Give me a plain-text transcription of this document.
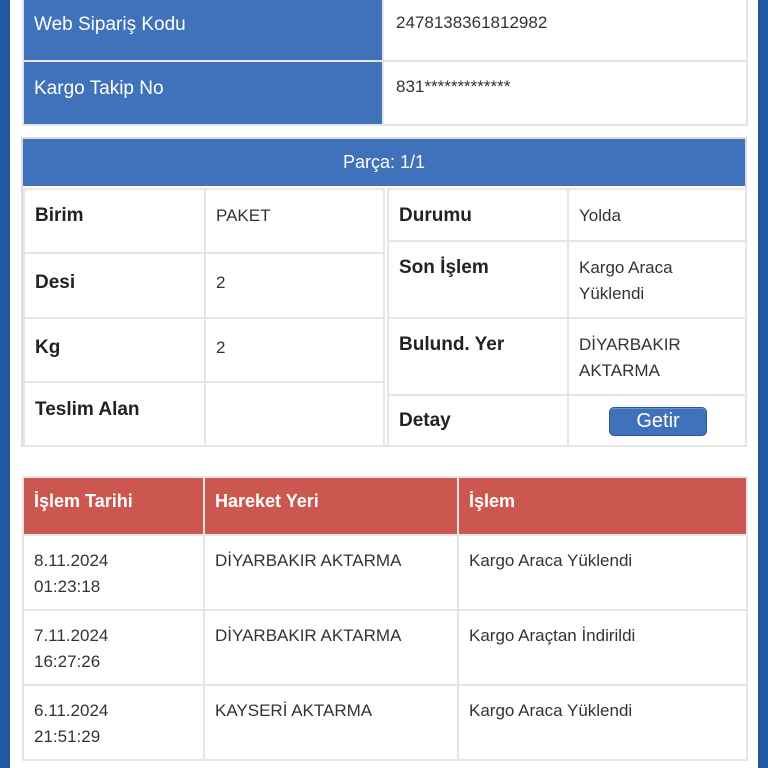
Web Sipariş Kodu	2478138361812982
Kargo Takip No	831*************
Parça: 1/1
Birim	PAKET
Desi	2
Kg	2
Teslim Alan	
Durumu	Yolda
Son İşlem	Kargo Araca
Yüklendi
Bulund. Yer	DİYARBAKIR
AKTARMA
Detay	Getir
İşlem Tarihi	Hareket Yeri	İşlem
8.11.2024
01:23:18	DİYARBAKIR AKTARMA	Kargo Araca Yüklendi
7.11.2024
16:27:26	DİYARBAKIR AKTARMA	Kargo Araçtan İndirildi
6.11.2024
21:51:29	KAYSERİ AKTARMA	Kargo Araca Yüklendi
